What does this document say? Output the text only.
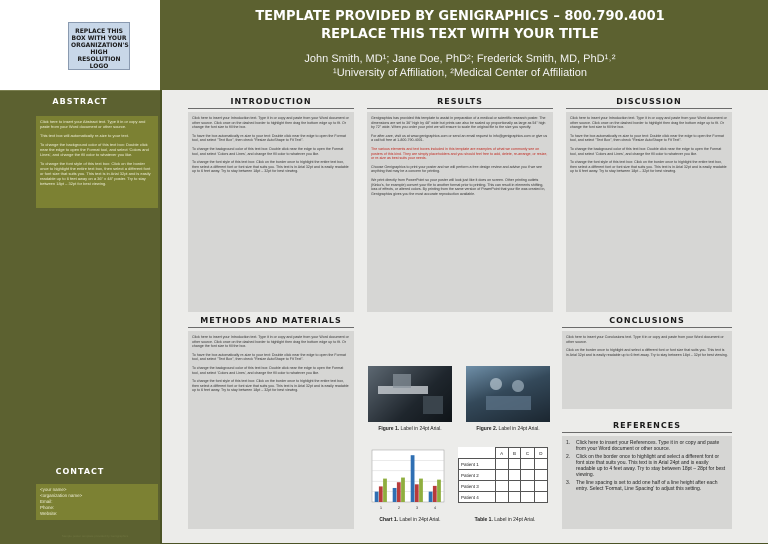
REPLACE THIS BOX WITH YOUR ORGANIZATION'S HIGH RESOLUTION LOGO
TEMPLATE PROVIDED BY GENIGRAPHICS – 800.790.4001
REPLACE THIS TEXT WITH YOUR TITLE
John Smith, MD¹; Jane Doe, PhD²; Frederick Smith, MD, PhD¹˒²
¹University of Affiliation, ²Medical Center of Affiliation
ABSTRACT

Click here to insert your Abstract text. Type it in or copy and paste from your Word document or other source.

This text box will automatically re-size to your text.

To change the background color of this text box: Double click near the edge to open the Format tool, and select 'Colors and Lines', and change the fill color to whatever you like.

To change the font style of this text box: Click on the border once to highlight the entire text box, then select a different font or font size that suits you. This text is in Arial 32pt and is easily readable up to 6 feet away on a 36" x 48" poster. Try to stay between 18pt – 32pt for best viewing.

CONTACT
<your name>
<organization name>
Email:
Phone:
Website:
Sample poster template provided by Genigraphics
INTRODUCTION

Click here to insert your Introduction text. Type it in or copy and paste from your Word document or other source. Click once on the dashed border to highlight then drag the bottom edge up to fit. Or change the font size to fill the box.

To have the box automatically re-size to your text: Double click near the edge to open the Format tool, and select "Text Box", then check "Resize AutoShape to Fit Text".

To change the background color of this text box: Double click near the edge to open the Format tool, and select 'Colors and Lines', and change the fill color to whatever you like.

To change the font style of this text box: Click on the border once to highlight the entire text box, then select a different font or font size that suits you. This text is in Arial 32pt and is easily readable up to 6 feet away. Try to stay between 18pt – 32pt for best viewing.

RESULTS

Genigraphics has provided this template to assist in preparation of a medical or scientific research poster. The dimensions are set to 36" high by 48" wide but prints can also be scaled up proportionally as large as 54" high by 72" wide. When you order your print we will ensure to scale the original file to the size you specify.

For after-care, visit us at www.genigraphics.com or send an email request to info@genigraphics.com or give us a call toll free at 1-800-790-4001.

The various elements and text boxes included in this template are examples of what we commonly see on posters of this kind. They are simply placeholders and you should feel free to add, delete, re-arrange, or resize, or re-size as best suits your needs.

Choose Genigraphics to print your poster and we will perform a free design review and advise you if we see anything that may be a concern for printing.

We print directly from PowerPoint so your poster will look just like it does on screen. Other printing outlets (Kinko's, for example) convert your file to another format prior to printing. This can result in elements shifting, loss of effects, or altered colors. By printing from the same version of PowerPoint that your file was created in, Genigraphics gives you the most accurate reproduction available.

DISCUSSION

Click here to insert your Introduction text. Type it in or copy and paste from your Word document or other source. Click once on the dashed border to highlight then drag the bottom edge up to fit. Or change the font size to fill the box.

To have the box automatically re-size to your text: Double click near the edge to open the Format tool, and select "Text Box", then check "Resize AutoShape to Fit Text".

To change the background color of this text box: Double click near the edge to open the Format tool, and select 'Colors and Lines', and change the fill color to whatever you like.

To change the font style of this text box: Click on the border once to highlight the entire text box, then select a different font or font size that suits you. This text is in Arial 32pt and is easily readable up to 6 feet away. Try to stay between 18pt – 32pt for best viewing.

METHODS AND MATERIALS

Click here to insert your Introduction text. Type it in or copy and paste from your Word document or other source. Click once on the dashed border to highlight then drag the bottom edge up to fit. Or change the font size to fill the box.

To have the box automatically re-size to your text: Double click near the edge to open the Format tool, and select "Text Box", then check "Resize AutoShape to Fit Text".

To change the background color of this text box: Double click near the edge to open the Format tool, and select 'Colors and Lines', and change the fill color to whatever you like.

To change the font style of this text box: Click on the border once to highlight the entire text box, then select a different font or font size that suits you. This text is in Arial 32pt and is easily readable up to 6 feet away. Try to stay between 18pt – 32pt for best viewing.

Figure 1. Label in 24pt Arial.	Figure 2. Label in 24pt Arial.
1	2	3	4
Chart 1. Label in 24pt Arial.
	A	B	C	D
Patient 1				
Patient 2				
Patient 3				
Patient 4				
Table 1. Label in 24pt Arial.
CONCLUSIONS

Click here to insert your Conclusions text. Type it in or copy and paste from your Word document or other source.

Click on the border once to highlight and select a different font or font size that suits you. This text is in Arial 32pt and is easily readable up to 6 feet away. Try to stay between 18pt – 32pt for best viewing.

REFERENCES
1. Click here to insert your References. Type it in or copy and paste from your Word document or other source.
2. Click on the border once to highlight and select a different font or font size that suits you. This text is in Arial 24pt and is easily readable up to 4 feet away. Try to stay between 18pt – 28pt for best viewing.
3. The line spacing is set to add one half of a line height after each entry. Select 'Format, Line Spacing' to adjust this setting.
